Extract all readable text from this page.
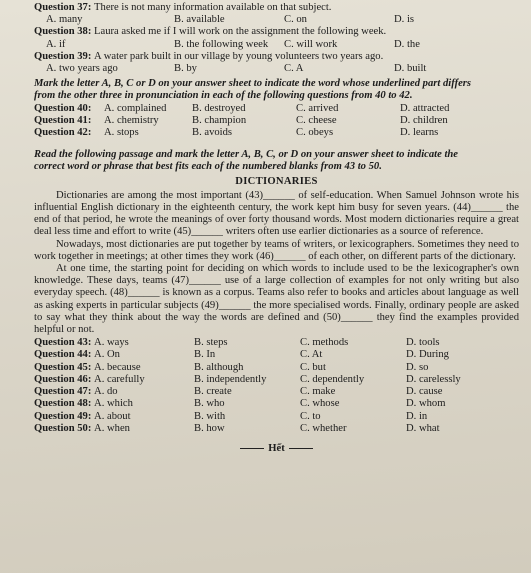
Question 37:
There is not many information available on that subject.
A. many	B. available	C. on	D. is
Question 38:
Laura asked me if I will work on the assignment the following week.
A. if	B. the following week	C. will work	D. the
Question 39:
A water park built in our village by young volunteers two years ago.
A. two years ago	B. by	C. A	D. built
Mark the letter A, B, C or D on your answer sheet to indicate the word whose underlined part differs
from the other three in pronunciation in each of the following questions from 40 to 42.
Question 40:	A. complained	B. destroyed	C. arrived	D. attracted
Question 41:	A. chemistry	B. champion	C. cheese	D. children
Question 42:	A. stops	B. avoids	C. obeys	D. learns
Read the following passage and mark the letter A, B, C, or D on your answer sheet to indicate the
correct word or phrase that best fits each of the numbered blanks from 43 to 50.
DICTIONARIES

Dictionaries are among the most important (43)______ of self-education. When Samuel Johnson wrote his influential English dictionary in the eighteenth century, the work kept him busy for seven years. (44)______ the end of that period, he wrote the meanings of over forty thousand words. Most modern dictionaries require a great deal less time and effort to write (45)______ writers often use earlier dictionaries as a source of reference.

Nowadays, most dictionaries are put together by teams of writers, or lexicographers. Sometimes they need to work together in meetings; at other times they work (46)______ of each other, on different parts of the dictionary.

At one time, the starting point for deciding on which words to include used to be the lexicographer's own knowledge. These days, teams (47)______ use of a large collection of examples for not only writing but also everyday speech. (48)______ is known as a corpus. Teams also refer to books and articles about language as well as asking experts in particular subjects (49)______ the more specialised words. Finally, ordinary people are asked to say what they think about the way the words are defined and (50)______ they find the examples provided helpful or not.

Question 43: A. ways	B. steps	C. methods	D. tools
Question 44: A. On	B. In	C. At	D. During
Question 45: A. because	B. although	C. but	D. so
Question 46: A. carefully	B. independently	C. dependently	D. carelessly
Question 47: A. do	B. create	C. make	D. cause
Question 48: A. which	B. who	C. whose	D. whom
Question 49: A. about	B. with	C. to	D. in
Question 50: A. when	B. how	C. whether	D. what
Hết
